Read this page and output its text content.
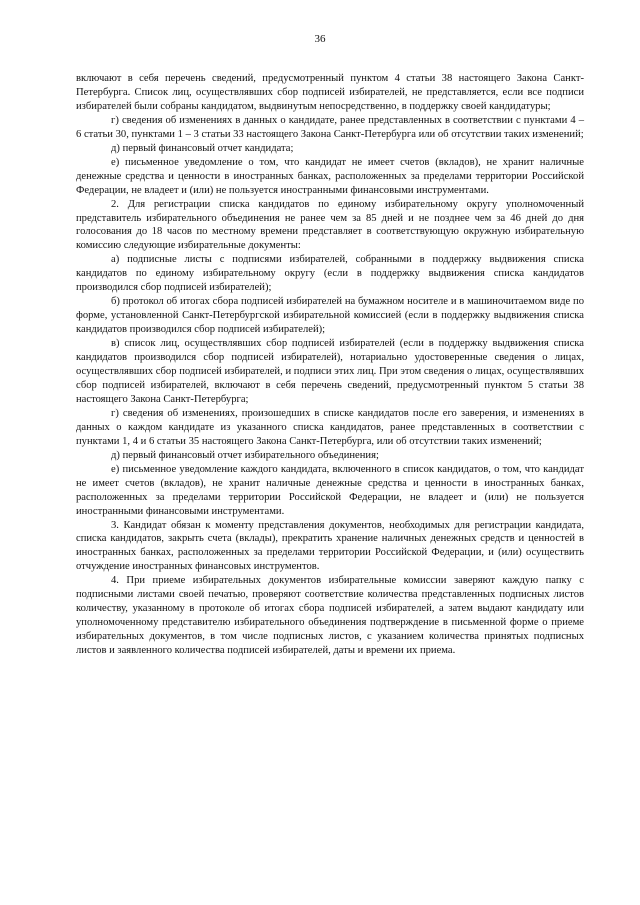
36

включают в себя перечень сведений, предусмотренный пунктом 4 статьи 38 настоящего Закона Санкт-Петербурга. Список лиц, осуществлявших сбор подписей избирателей, не представляется, если все подписи избирателей были собраны кандидатом, выдвинутым непосредственно, в поддержку своей кандидатуры;

г) сведения об изменениях в данных о кандидате, ранее представленных в соответствии с пунктами 4 – 6 статьи 30, пунктами 1 – 3 статьи 33 настоящего Закона Санкт-Петербурга или об отсутствии таких изменений;

д) первый финансовый отчет кандидата;

е) письменное уведомление о том, что кандидат не имеет счетов (вкладов), не хранит наличные денежные средства и ценности в иностранных банках, расположенных за пределами территории Российской Федерации, не владеет и (или) не пользуется иностранными финансовыми инструментами.

2. Для регистрации списка кандидатов по единому избирательному округу уполномоченный представитель избирательного объединения не ранее чем за 85 дней и не позднее чем за 46 дней до дня голосования до 18 часов по местному времени представляет в соответствующую окружную избирательную комиссию следующие избирательные документы:

а) подписные листы с подписями избирателей, собранными в поддержку выдвижения списка кандидатов по единому избирательному округу (если в поддержку выдвижения списка кандидатов производился сбор подписей избирателей);

б) протокол об итогах сбора подписей избирателей на бумажном носителе и в машиночитаемом виде по форме, установленной Санкт-Петербургской избирательной комиссией (если в поддержку выдвижения списка кандидатов производился сбор подписей избирателей);

в) список лиц, осуществлявших сбор подписей избирателей (если в поддержку выдвижения списка кандидатов производился сбор подписей избирателей), нотариально удостоверенные сведения о лицах, осуществлявших сбор подписей избирателей, и подписи этих лиц. При этом сведения о лицах, осуществлявших сбор подписей избирателей, включают в себя перечень сведений, предусмотренный пунктом 5 статьи 38 настоящего Закона Санкт-Петербурга;

г) сведения об изменениях, произошедших в списке кандидатов после его заверения, и изменениях в данных о каждом кандидате из указанного списка кандидатов, ранее представленных в соответствии с пунктами 1, 4 и 6 статьи 35 настоящего Закона Санкт-Петербурга, или об отсутствии таких изменений;

д) первый финансовый отчет избирательного объединения;

е) письменное уведомление каждого кандидата, включенного в список кандидатов, о том, что кандидат не имеет счетов (вкладов), не хранит наличные денежные средства и ценности в иностранных банках, расположенных за пределами территории Российской Федерации, не владеет и (или) не пользуется иностранными финансовыми инструментами.

3. Кандидат обязан к моменту представления документов, необходимых для регистрации кандидата, списка кандидатов, закрыть счета (вклады), прекратить хранение наличных денежных средств и ценностей в иностранных банках, расположенных за пределами территории Российской Федерации, и (или) осуществить отчуждение иностранных финансовых инструментов.

4. При приеме избирательных документов избирательные комиссии заверяют каждую папку с подписными листами своей печатью, проверяют соответствие количества представленных подписных листов количеству, указанному в протоколе об итогах сбора подписей избирателей, а затем выдают кандидату или уполномоченному представителю избирательного объединения подтверждение в письменной форме о приеме избирательных документов, в том числе подписных листов, с указанием количества принятых подписных листов и заявленного количества подписей избирателей, даты и времени их приема.
